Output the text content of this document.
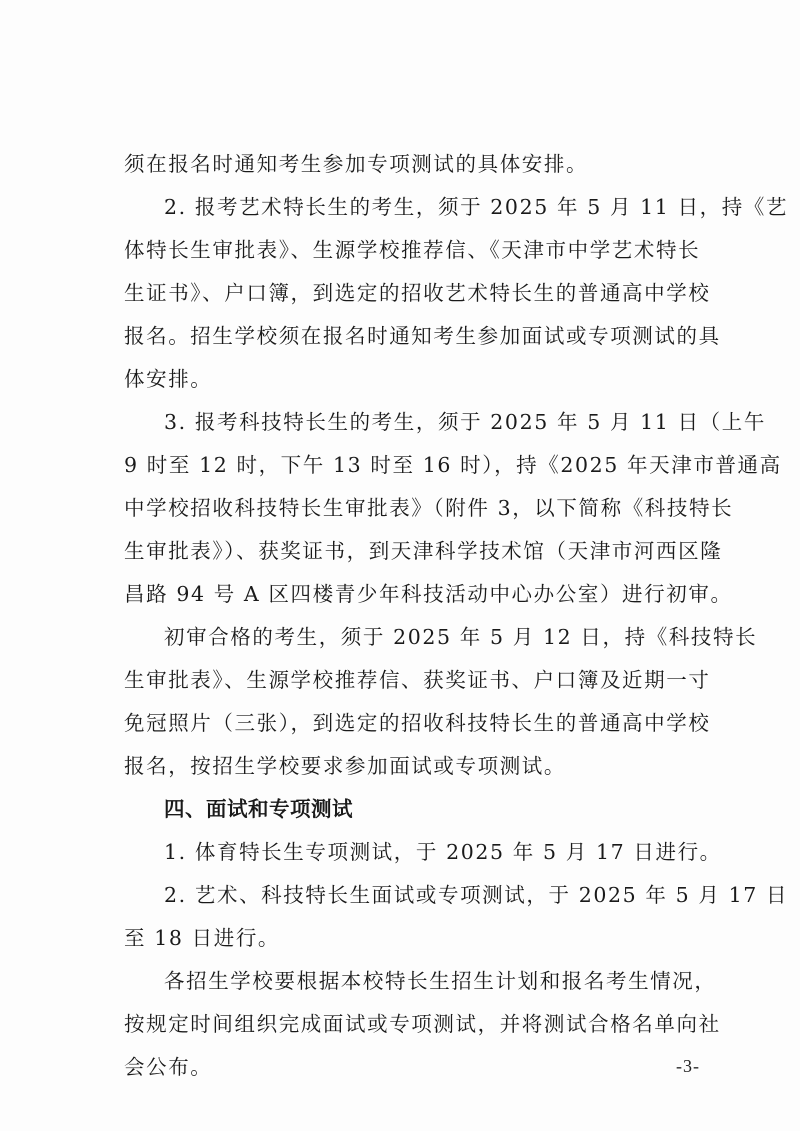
须在报名时通知考生参加专项测试的具体安排。
2. 报考艺术特长生的考生，须于 2025 年 5 月 11 日，持《艺
体特长生审批表》、生源学校推荐信、《天津市中学艺术特长
生证书》、户口簿，到选定的招收艺术特长生的普通高中学校
报名。招生学校须在报名时通知考生参加面试或专项测试的具
体安排。
3. 报考科技特长生的考生，须于 2025 年 5 月 11 日（上午
9 时至 12 时，下午 13 时至 16 时），持《2025 年天津市普通高
中学校招收科技特长生审批表》（附件 3，以下简称《科技特长
生审批表》）、获奖证书，到天津科学技术馆（天津市河西区隆
昌路 94 号 A 区四楼青少年科技活动中心办公室）进行初审。
初审合格的考生，须于 2025 年 5 月 12 日，持《科技特长
生审批表》、生源学校推荐信、获奖证书、户口簿及近期一寸
免冠照片（三张），到选定的招收科技特长生的普通高中学校
报名，按招生学校要求参加面试或专项测试。
四、面试和专项测试
1. 体育特长生专项测试，于 2025 年 5 月 17 日进行。
2. 艺术、科技特长生面试或专项测试，于 2025 年 5 月 17 日
至 18 日进行。
各招生学校要根据本校特长生招生计划和报名考生情况，
按规定时间组织完成面试或专项测试，并将测试合格名单向社
会公布。	-3-
